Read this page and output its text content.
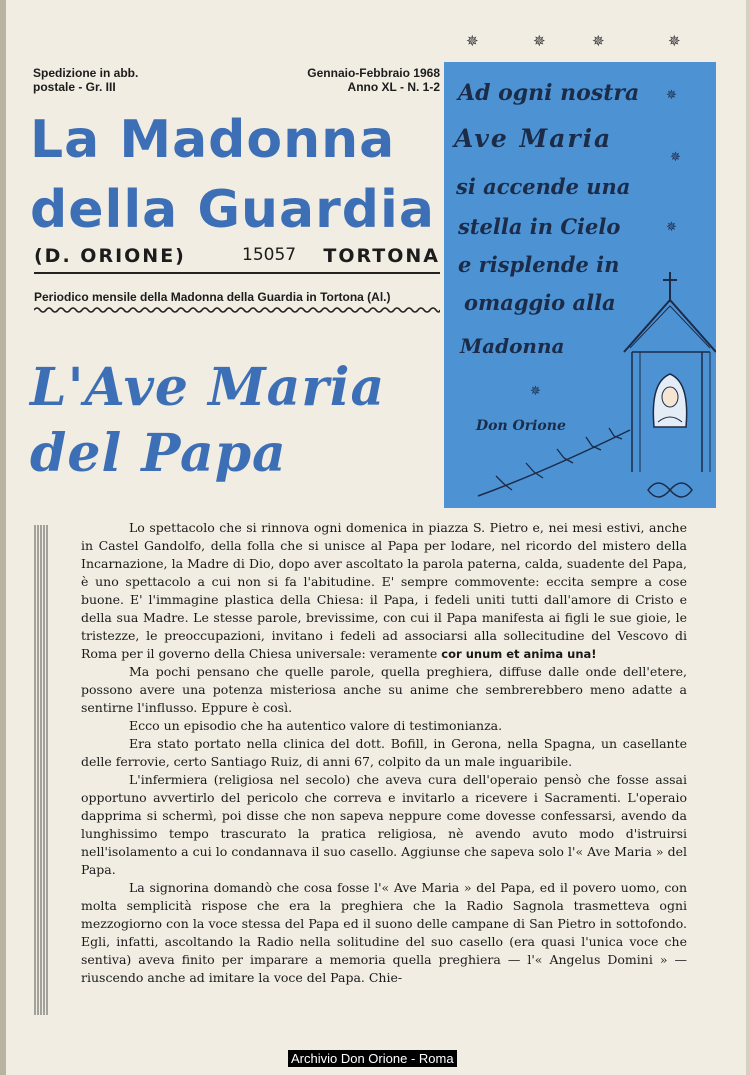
✵	✵	✵	✵
Spedizione in abb.
postale - Gr. III
Gennaio-Febbraio 1968
Anno XL - N. 1-2
La Madonna
della Guardia
(D. ORIONE)	15057 TORTONA
Periodico mensile della Madonna della Guardia in Tortona (Al.)
L'Ave Maria
del Papa
Ad ogni nostra ✵
Ave Maria
✵
si accende una
stella in Cielo	✵
e risplende in
omaggio alla
Madonna
✵
Don Orione

Lo spettacolo che si rinnova ogni domenica in piazza S. Pietro e, nei mesi estivi, anche in Castel Gandolfo, della folla che si unisce al Papa per lodare, nel ricordo del mistero della Incarnazione, la Madre di Dio, dopo aver ascoltato la parola paterna, calda, suadente del Papa, è uno spettacolo a cui non si fa l'abitudine. E' sempre commovente: eccita sempre a cose buone. E' l'immagine plastica della Chiesa: il Papa, i fedeli uniti tutti dall'amore di Cristo e della sua Madre. Le stesse parole, brevissime, con cui il Papa manifesta ai figli le sue gioie, le tristezze, le preoccupazioni, invitano i fedeli ad associarsi alla sollecitudine del Vescovo di Roma per il governo della Chiesa universale: veramente cor unum et anima una!

Ma pochi pensano che quelle parole, quella preghiera, diffuse dalle onde dell'etere, possono avere una potenza misteriosa anche su anime che sembrerebbero meno adatte a sentirne l'influsso. Eppure è così.

Ecco un episodio che ha autentico valore di testimonianza.

Era stato portato nella clinica del dott. Bofill, in Gerona, nella Spagna, un casellante delle ferrovie, certo Santiago Ruiz, di anni 67, colpito da un male inguaribile.

L'infermiera (religiosa nel secolo) che aveva cura dell'operaio pensò che fosse assai opportuno avvertirlo del pericolo che correva e invitarlo a ricevere i Sacramenti. L'operaio dapprima si schermì, poi disse che non sapeva neppure come dovesse confessarsi, avendo da lunghissimo tempo trascurato la pratica religiosa, nè avendo avuto modo d'istruirsi nell'isolamento a cui lo condannava il suo casello. Aggiunse che sapeva solo l'« Ave Maria » del Papa.

La signorina domandò che cosa fosse l'« Ave Maria » del Papa, ed il povero uomo, con molta semplicità rispose che era la preghiera che la Radio Sagnola trasmetteva ogni mezzogiorno con la voce stessa del Papa ed il suono delle campane di San Pietro in sottofondo. Egli, infatti, ascoltando la Radio nella solitudine del suo casello (era quasi l'unica voce che sentiva) aveva finito per imparare a memoria quella preghiera — l'« Angelus Domini » — riuscendo anche ad imitare la voce del Papa. Chie-

Archivio Don Orione - Roma
